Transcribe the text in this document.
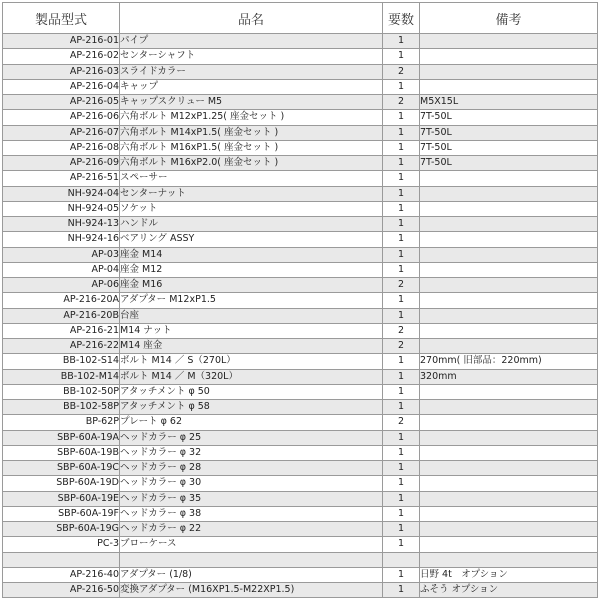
製品型式	品名	要数	備考
AP-216-01	パイプ	1	
AP-216-02	センターシャフト	1	
AP-216-03	スライドカラー	2	
AP-216-04	キャップ	1	
AP-216-05	キャップスクリュー M5	2	M5X15L
AP-216-06	六角ボルト M12xP1.25( 座金セット )	1	7T-50L
AP-216-07	六角ボルト M14xP1.5( 座金セット )	1	7T-50L
AP-216-08	六角ボルト M16xP1.5( 座金セット )	1	7T-50L
AP-216-09	六角ボルト M16xP2.0( 座金セット )	1	7T-50L
AP-216-51	スペーサー	1	
NH-924-04	センターナット	1	
NH-924-05	ソケット	1	
NH-924-13	ハンドル	1	
NH-924-16	ベアリング ASSY	1	
AP-03	座金 M14	1	
AP-04	座金 M12	1	
AP-06	座金 M16	2	
AP-216-20A	アダプター M12xP1.5	1	
AP-216-20B	台座	1	
AP-216-21	M14 ナット	2	
AP-216-22	M14 座金	2	
BB-102-S14	ボルト M14 ／ S（270L）	1	270mm( 旧部品：220mm)
BB-102-M14	ボルト M14 ／ M（320L）	1	320mm
BB-102-50P	アタッチメント φ 50	1	
BB-102-58P	アタッチメント φ 58	1	
BP-62P	プレート φ 62	2	
SBP-60A-19A	ヘッドカラー φ 25	1	
SBP-60A-19B	ヘッドカラー φ 32	1	
SBP-60A-19C	ヘッドカラー φ 28	1	
SBP-60A-19D	ヘッドカラー φ 30	1	
SBP-60A-19E	ヘッドカラー φ 35	1	
SBP-60A-19F	ヘッドカラー φ 38	1	
SBP-60A-19G	ヘッドカラー φ 22	1	
PC-3	ブローケース	1	

AP-216-40	アダプター (1/8)	1	日野 4t　オプション
AP-216-50	変換アダプター (M16XP1.5-M22XP1.5)	1	ふそう オプション
